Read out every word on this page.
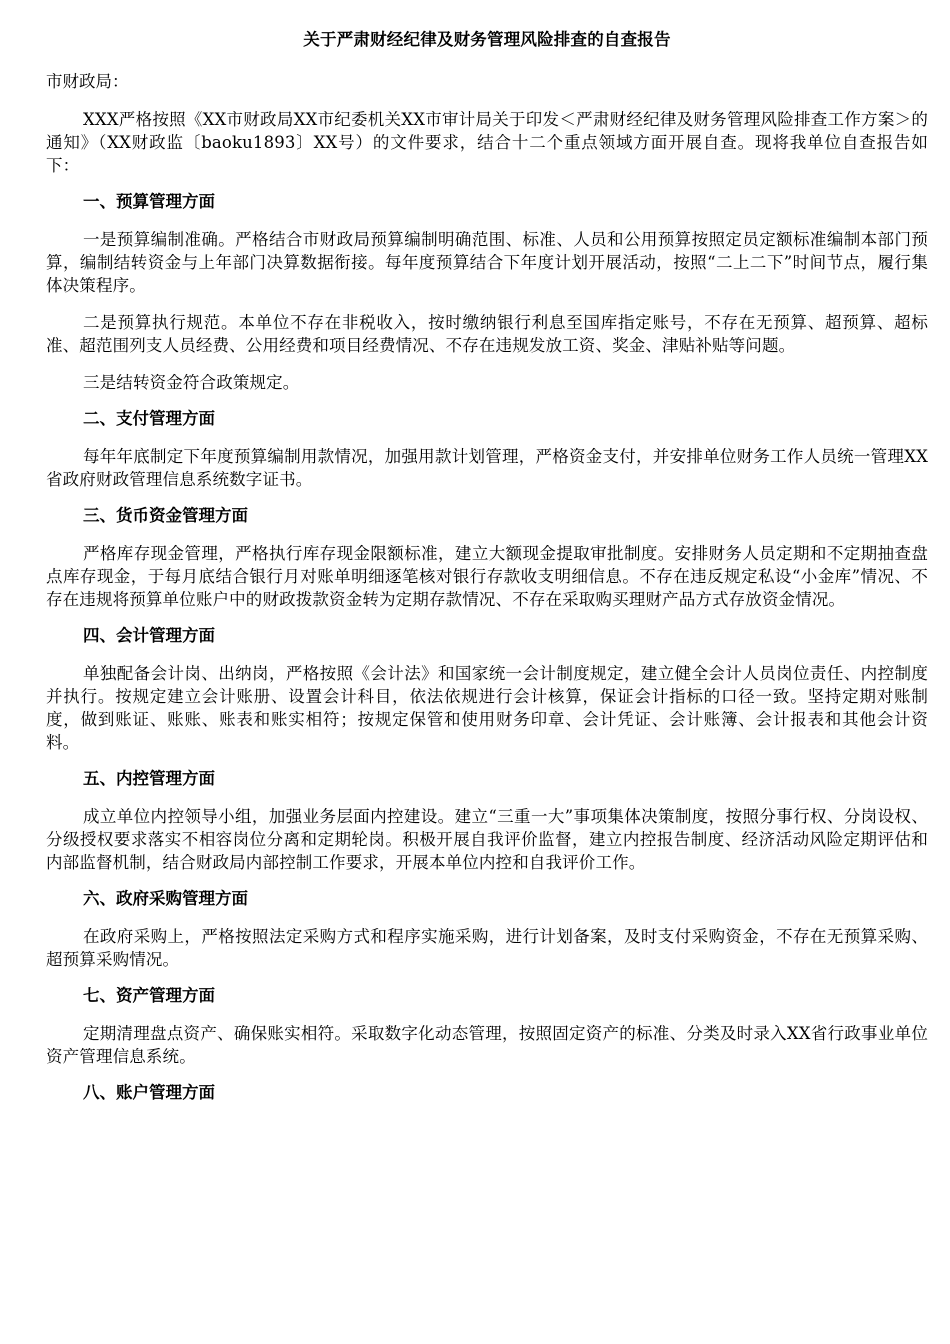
关于严肃财经纪律及财务管理风险排查的自查报告
市财政局：

XXX严格按照《XX市财政局XX市纪委机关XX市审计局关于印发＜严肃财经纪律及财务管理风险排查工作方案＞的通知》（XX财政监〔baoku1893〕XX号）的文件要求，结合十二个重点领域方面开展自查。现将我单位自查报告如下：

一、预算管理方面

一是预算编制准确。严格结合市财政局预算编制明确范围、标准、人员和公用预算按照定员定额标准编制本部门预算，编制结转资金与上年部门决算数据衔接。每年度预算结合下年度计划开展活动，按照“二上二下”时间节点，履行集体决策程序。

二是预算执行规范。本单位不存在非税收入，按时缴纳银行利息至国库指定账号，不存在无预算、超预算、超标准、超范围列支人员经费、公用经费和项目经费情况、不存在违规发放工资、奖金、津贴补贴等问题。

三是结转资金符合政策规定。

二、支付管理方面

每年年底制定下年度预算编制用款情况，加强用款计划管理，严格资金支付，并安排单位财务工作人员统一管理XX省政府财政管理信息系统数字证书。

三、货币资金管理方面

严格库存现金管理，严格执行库存现金限额标准，建立大额现金提取审批制度。安排财务人员定期和不定期抽查盘点库存现金，于每月底结合银行月对账单明细逐笔核对银行存款收支明细信息。不存在违反规定私设“小金库”情况、不存在违规将预算单位账户中的财政拨款资金转为定期存款情况、不存在采取购买理财产品方式存放资金情况。

四、会计管理方面

单独配备会计岗、出纳岗，严格按照《会计法》和国家统一会计制度规定，建立健全会计人员岗位责任、内控制度并执行。按规定建立会计账册、设置会计科目，依法依规进行会计核算，保证会计指标的口径一致。坚持定期对账制度，做到账证、账账、账表和账实相符；按规定保管和使用财务印章、会计凭证、会计账簿、会计报表和其他会计资料。

五、内控管理方面

成立单位内控领导小组，加强业务层面内控建设。建立“三重一大”事项集体决策制度，按照分事行权、分岗设权、分级授权要求落实不相容岗位分离和定期轮岗。积极开展自我评价监督，建立内控报告制度、经济活动风险定期评估和内部监督机制，结合财政局内部控制工作要求，开展本单位内控和自我评价工作。

六、政府采购管理方面

在政府采购上，严格按照法定采购方式和程序实施采购，进行计划备案，及时支付采购资金，不存在无预算采购、超预算采购情况。

七、资产管理方面

定期清理盘点资产、确保账实相符。采取数字化动态管理，按照固定资产的标准、分类及时录入XX省行政事业单位资产管理信息系统。

八、账户管理方面
